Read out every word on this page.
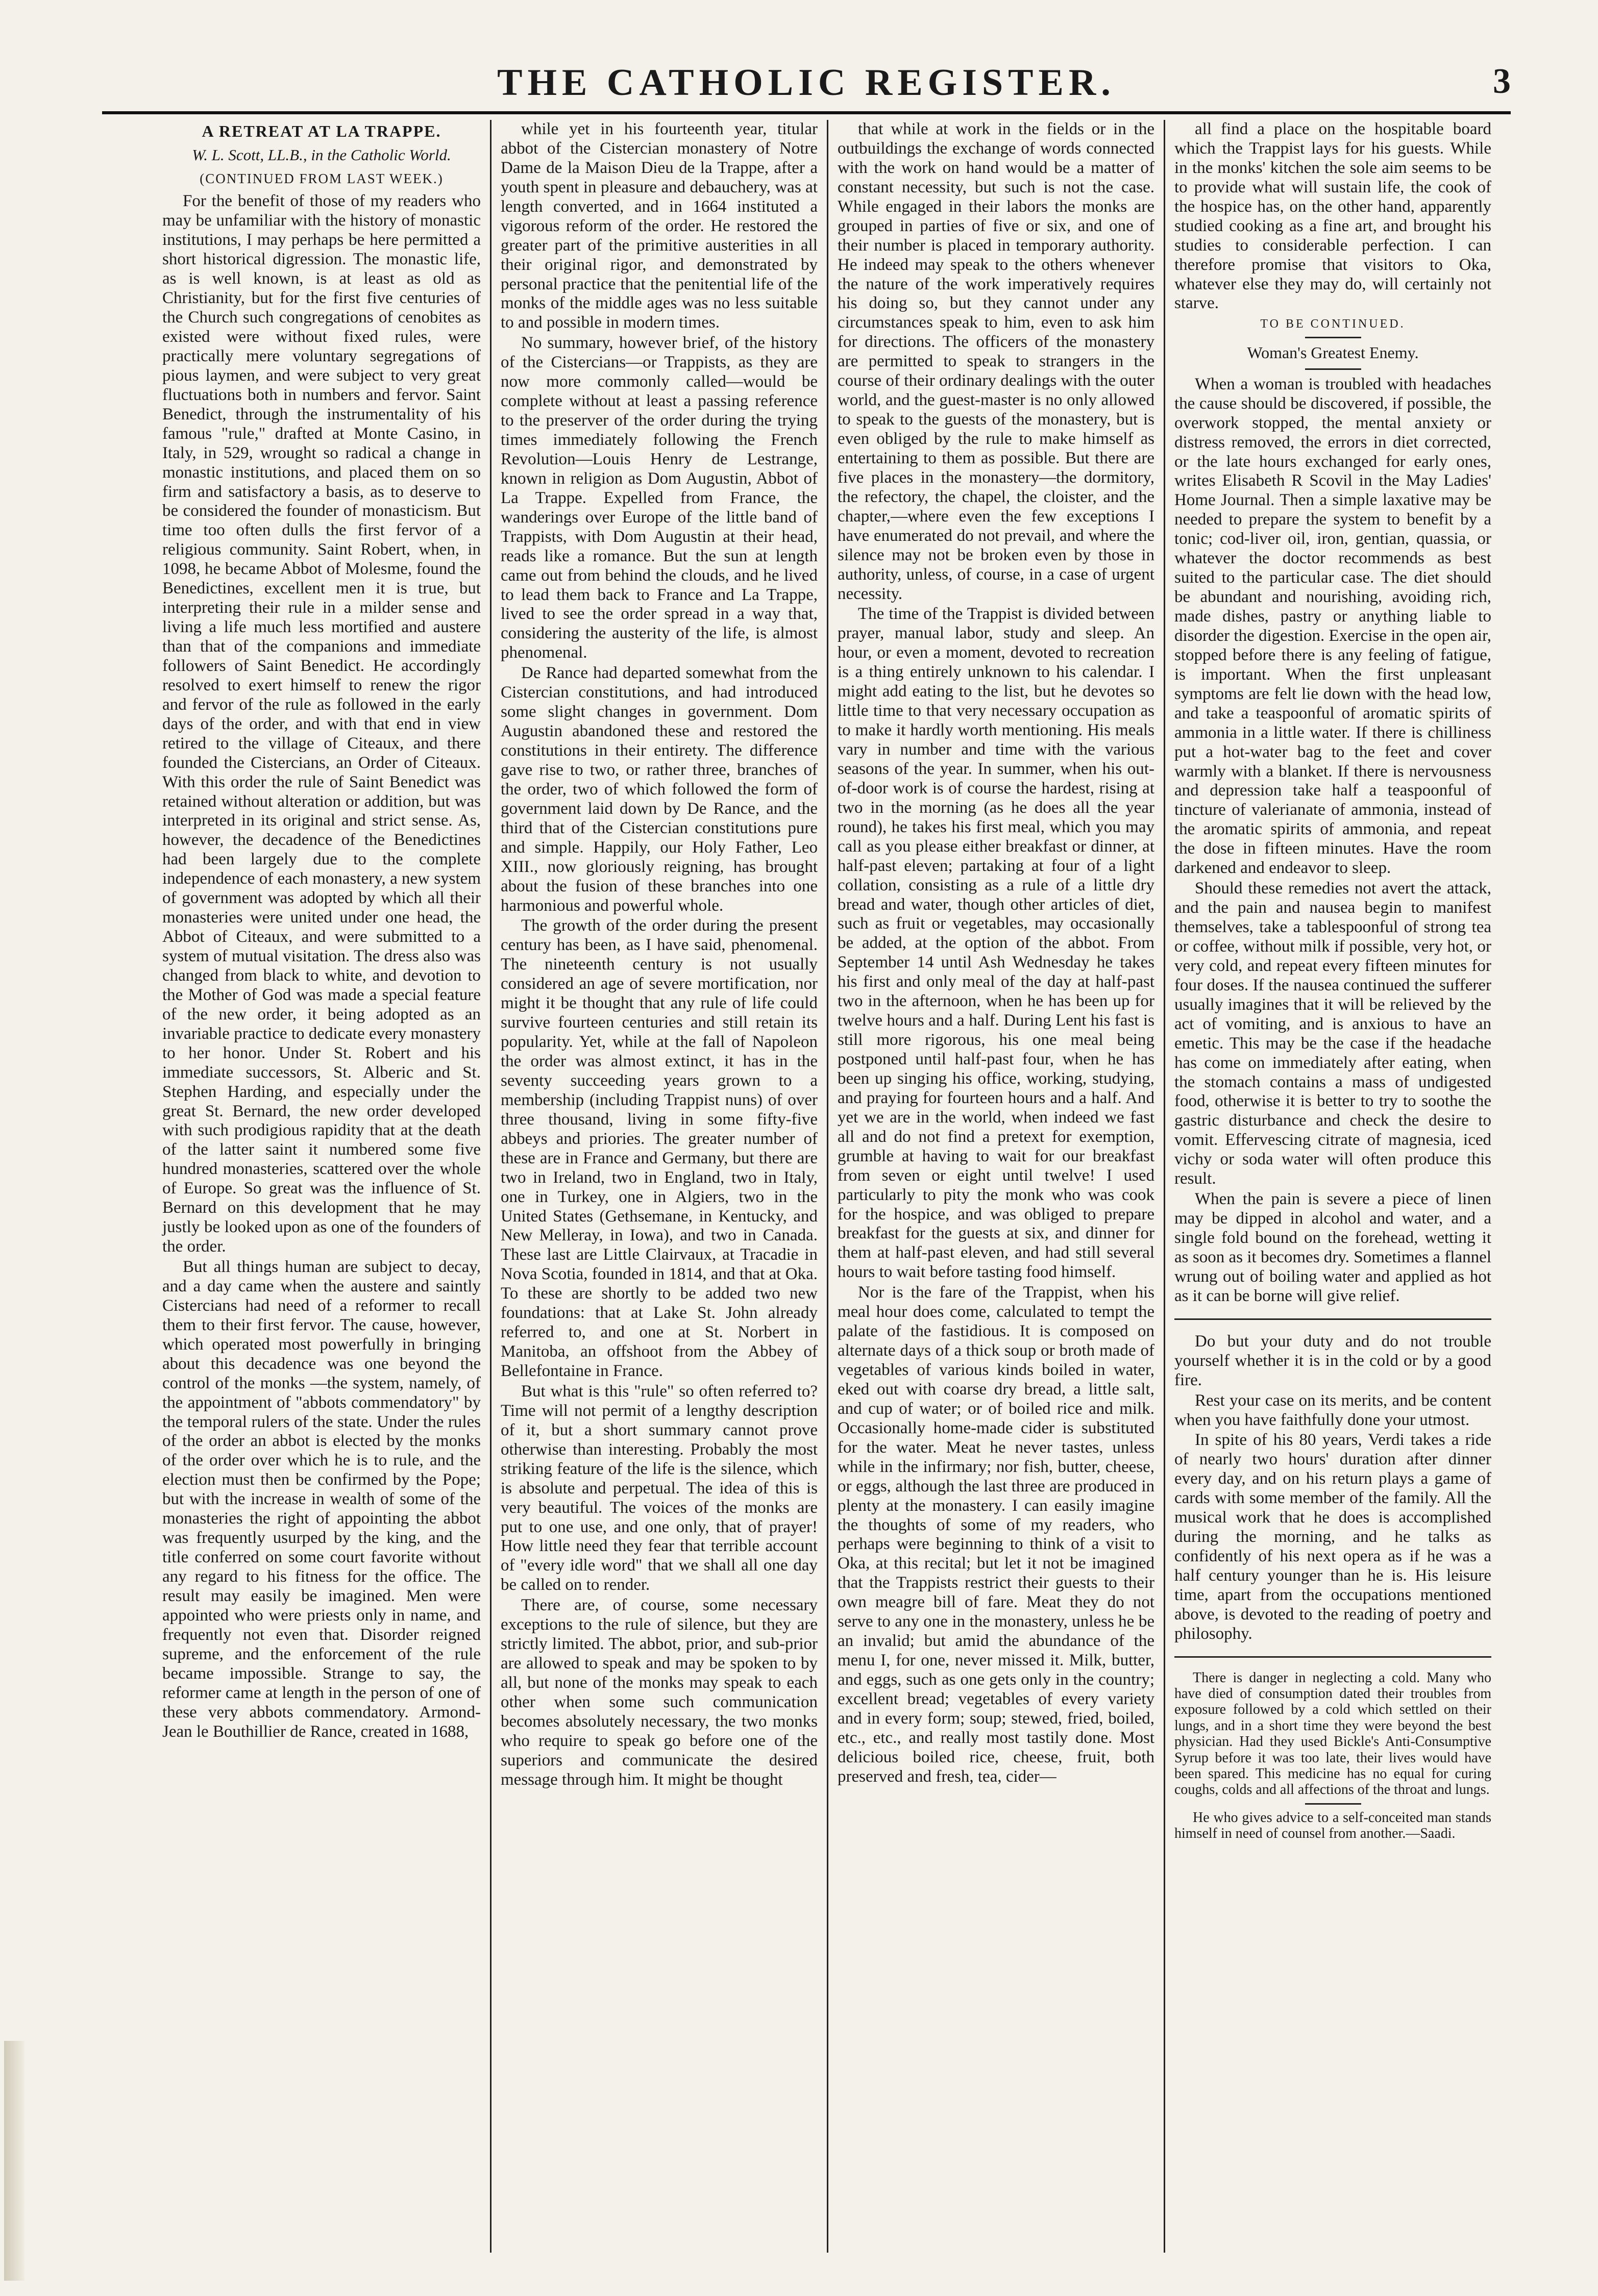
THE CATHOLIC REGISTER.	3
A RETREAT AT LA TRAPPE.
W. L. Scott, LL.B., in the Catholic World.
(CONTINUED FROM LAST WEEK.)

For the benefit of those of my readers who may be unfamiliar with the history of monastic institutions, I may perhaps be here permitted a short historical digression. The monastic life, as is well known, is at least as old as Christianity, but for the first five centuries of the Church such congregations of cenobites as existed were without fixed rules, were practically mere voluntary segregations of pious laymen, and were subject to very great fluctuations both in numbers and fervor. Saint Benedict, through the instrumentality of his famous "rule," drafted at Monte Casino, in Italy, in 529, wrought so radical a change in monastic institutions, and placed them on so firm and satisfactory a basis, as to deserve to be considered the founder of monasticism. But time too often dulls the first fervor of a religious community. Saint Robert, when, in 1098, he became Abbot of Molesme, found the Benedictines, excellent men it is true, but interpreting their rule in a milder sense and living a life much less mortified and austere than that of the companions and immediate followers of Saint Benedict. He accordingly resolved to exert himself to renew the rigor and fervor of the rule as followed in the early days of the order, and with that end in view retired to the village of Citeaux, and there founded the Cistercians, an Order of Citeaux. With this order the rule of Saint Benedict was retained without alteration or addition, but was interpreted in its original and strict sense. As, however, the decadence of the Benedictines had been largely due to the complete independence of each monastery, a new system of government was adopted by which all their monasteries were united under one head, the Abbot of Citeaux, and were submitted to a system of mutual visitation. The dress also was changed from black to white, and devotion to the Mother of God was made a special feature of the new order, it being adopted as an invariable practice to dedicate every monastery to her honor. Under St. Robert and his immediate successors, St. Alberic and St. Stephen Harding, and especially under the great St. Bernard, the new order developed with such prodigious rapidity that at the death of the latter saint it numbered some five hundred monasteries, scattered over the whole of Europe. So great was the influence of St. Bernard on this development that he may justly be looked upon as one of the founders of the order.

But all things human are subject to decay, and a day came when the austere and saintly Cistercians had need of a reformer to recall them to their first fervor. The cause, however, which operated most powerfully in bringing about this decadence was one beyond the control of the monks —the system, namely, of the appointment of "abbots commendatory" by the temporal rulers of the state. Under the rules of the order an abbot is elected by the monks of the order over which he is to rule, and the election must then be confirmed by the Pope; but with the increase in wealth of some of the monasteries the right of appointing the abbot was frequently usurped by the king, and the title conferred on some court favorite without any regard to his fitness for the office. The result may easily be imagined. Men were appointed who were priests only in name, and frequently not even that. Disorder reigned supreme, and the enforcement of the rule became impossible. Strange to say, the reformer came at length in the person of one of these very abbots commendatory. Armond-Jean le Bouthillier de Rance, created in 1688,

while yet in his fourteenth year, titular abbot of the Cistercian monastery of Notre Dame de la Maison Dieu de la Trappe, after a youth spent in pleasure and debauchery, was at length converted, and in 1664 instituted a vigorous reform of the order. He restored the greater part of the primitive austerities in all their original rigor, and demonstrated by personal practice that the penitential life of the monks of the middle ages was no less suitable to and possible in modern times.

No summary, however brief, of the history of the Cistercians—or Trappists, as they are now more commonly called—would be complete without at least a passing reference to the preserver of the order during the trying times immediately following the French Revolution—Louis Henry de Lestrange, known in religion as Dom Augustin, Abbot of La Trappe. Expelled from France, the wanderings over Europe of the little band of Trappists, with Dom Augustin at their head, reads like a romance. But the sun at length came out from behind the clouds, and he lived to lead them back to France and La Trappe, lived to see the order spread in a way that, considering the austerity of the life, is almost phenomenal.

De Rance had departed somewhat from the Cistercian constitutions, and had introduced some slight changes in government. Dom Augustin abandoned these and restored the constitutions in their entirety. The difference gave rise to two, or rather three, branches of the order, two of which followed the form of government laid down by De Rance, and the third that of the Cistercian constitutions pure and simple. Happily, our Holy Father, Leo XIII., now gloriously reigning, has brought about the fusion of these branches into one harmonious and powerful whole.

The growth of the order during the present century has been, as I have said, phenomenal. The nineteenth century is not usually considered an age of severe mortification, nor might it be thought that any rule of life could survive fourteen centuries and still retain its popularity. Yet, while at the fall of Napoleon the order was almost extinct, it has in the seventy succeeding years grown to a membership (including Trappist nuns) of over three thousand, living in some fifty-five abbeys and priories. The greater number of these are in France and Germany, but there are two in Ireland, two in England, two in Italy, one in Turkey, one in Algiers, two in the United States (Gethsemane, in Kentucky, and New Melleray, in Iowa), and two in Canada. These last are Little Clairvaux, at Tracadie in Nova Scotia, founded in 1814, and that at Oka. To these are shortly to be added two new foundations: that at Lake St. John already referred to, and one at St. Norbert in Manitoba, an offshoot from the Abbey of Bellefontaine in France.

But what is this "rule" so often referred to? Time will not permit of a lengthy description of it, but a short summary cannot prove otherwise than interesting. Probably the most striking feature of the life is the silence, which is absolute and perpetual. The idea of this is very beautiful. The voices of the monks are put to one use, and one only, that of prayer! How little need they fear that terrible account of "every idle word" that we shall all one day be called on to render.

There are, of course, some necessary exceptions to the rule of silence, but they are strictly limited. The abbot, prior, and sub-prior are allowed to speak and may be spoken to by all, but none of the monks may speak to each other when some such communication becomes absolutely necessary, the two monks who require to speak go before one of the superiors and communicate the desired message through him. It might be thought

that while at work in the fields or in the outbuildings the exchange of words connected with the work on hand would be a matter of constant necessity, but such is not the case. While engaged in their labors the monks are grouped in parties of five or six, and one of their number is placed in temporary authority. He indeed may speak to the others whenever the nature of the work imperatively requires his doing so, but they cannot under any circumstances speak to him, even to ask him for directions. The officers of the monastery are permitted to speak to strangers in the course of their ordinary dealings with the outer world, and the guest-master is no only allowed to speak to the guests of the monastery, but is even obliged by the rule to make himself as entertaining to them as possible. But there are five places in the monastery—the dormitory, the refectory, the chapel, the cloister, and the chapter,—where even the few exceptions I have enumerated do not prevail, and where the silence may not be broken even by those in authority, unless, of course, in a case of urgent necessity.

The time of the Trappist is divided between prayer, manual labor, study and sleep. An hour, or even a moment, devoted to recreation is a thing entirely unknown to his calendar. I might add eating to the list, but he devotes so little time to that very necessary occupation as to make it hardly worth mentioning. His meals vary in number and time with the various seasons of the year. In summer, when his out-of-door work is of course the hardest, rising at two in the morning (as he does all the year round), he takes his first meal, which you may call as you please either breakfast or dinner, at half-past eleven; partaking at four of a light collation, consisting as a rule of a little dry bread and water, though other articles of diet, such as fruit or vegetables, may occasionally be added, at the option of the abbot. From September 14 until Ash Wednesday he takes his first and only meal of the day at half-past two in the afternoon, when he has been up for twelve hours and a half. During Lent his fast is still more rigorous, his one meal being postponed until half-past four, when he has been up singing his office, working, studying, and praying for fourteen hours and a half. And yet we are in the world, when indeed we fast all and do not find a pretext for exemption, grumble at having to wait for our breakfast from seven or eight until twelve! I used particularly to pity the monk who was cook for the hospice, and was obliged to prepare breakfast for the guests at six, and dinner for them at half-past eleven, and had still several hours to wait before tasting food himself.

Nor is the fare of the Trappist, when his meal hour does come, calculated to tempt the palate of the fastidious. It is composed on alternate days of a thick soup or broth made of vegetables of various kinds boiled in water, eked out with coarse dry bread, a little salt, and cup of water; or of boiled rice and milk. Occasionally home-made cider is substituted for the water. Meat he never tastes, unless while in the infirmary; nor fish, butter, cheese, or eggs, although the last three are produced in plenty at the monastery. I can easily imagine the thoughts of some of my readers, who perhaps were beginning to think of a visit to Oka, at this recital; but let it not be imagined that the Trappists restrict their guests to their own meagre bill of fare. Meat they do not serve to any one in the monastery, unless he be an invalid; but amid the abundance of the menu I, for one, never missed it. Milk, butter, and eggs, such as one gets only in the country; excellent bread; vegetables of every variety and in every form; soup; stewed, fried, boiled, etc., etc., and really most tastily done. Most delicious boiled rice, cheese, fruit, both preserved and fresh, tea, cider—

all find a place on the hospitable board which the Trappist lays for his guests. While in the monks' kitchen the sole aim seems to be to provide what will sustain life, the cook of the hospice has, on the other hand, apparently studied cooking as a fine art, and brought his studies to considerable perfection. I can therefore promise that visitors to Oka, whatever else they may do, will certainly not starve.

TO BE CONTINUED.
Woman's Greatest Enemy.

When a woman is troubled with headaches the cause should be discovered, if possible, the overwork stopped, the mental anxiety or distress removed, the errors in diet corrected, or the late hours exchanged for early ones, writes Elisabeth R Scovil in the May Ladies' Home Journal. Then a simple laxative may be needed to prepare the system to benefit by a tonic; cod-liver oil, iron, gentian, quassia, or whatever the doctor recommends as best suited to the particular case. The diet should be abundant and nourishing, avoiding rich, made dishes, pastry or anything liable to disorder the digestion. Exercise in the open air, stopped before there is any feeling of fatigue, is important. When the first unpleasant symptoms are felt lie down with the head low, and take a teaspoonful of aromatic spirits of ammonia in a little water. If there is chilliness put a hot-water bag to the feet and cover warmly with a blanket. If there is nervousness and depression take half a teaspoonful of tincture of valerianate of ammonia, instead of the aromatic spirits of ammonia, and repeat the dose in fifteen minutes. Have the room darkened and endeavor to sleep.

Should these remedies not avert the attack, and the pain and nausea begin to manifest themselves, take a tablespoonful of strong tea or coffee, without milk if possible, very hot, or very cold, and repeat every fifteen minutes for four doses. If the nausea continued the sufferer usually imagines that it will be relieved by the act of vomiting, and is anxious to have an emetic. This may be the case if the headache has come on immediately after eating, when the stomach contains a mass of undigested food, otherwise it is better to try to soothe the gastric disturbance and check the desire to vomit. Effervescing citrate of magnesia, iced vichy or soda water will often produce this result.

When the pain is severe a piece of linen may be dipped in alcohol and water, and a single fold bound on the forehead, wetting it as soon as it becomes dry. Sometimes a flannel wrung out of boiling water and applied as hot as it can be borne will give relief.

Do but your duty and do not trouble yourself whether it is in the cold or by a good fire.

Rest your case on its merits, and be content when you have faithfully done your utmost.

In spite of his 80 years, Verdi takes a ride of nearly two hours' duration after dinner every day, and on his return plays a game of cards with some member of the family. All the musical work that he does is accomplished during the morning, and he talks as confidently of his next opera as if he was a half century younger than he is. His leisure time, apart from the occupations mentioned above, is devoted to the reading of poetry and philosophy.

There is danger in neglecting a cold. Many who have died of consumption dated their troubles from exposure followed by a cold which settled on their lungs, and in a short time they were beyond the best physician. Had they used Bickle's Anti-Consumptive Syrup before it was too late, their lives would have been spared. This medicine has no equal for curing coughs, colds and all affections of the throat and lungs.

He who gives advice to a self-conceited man stands himself in need of counsel from another.—Saadi.
